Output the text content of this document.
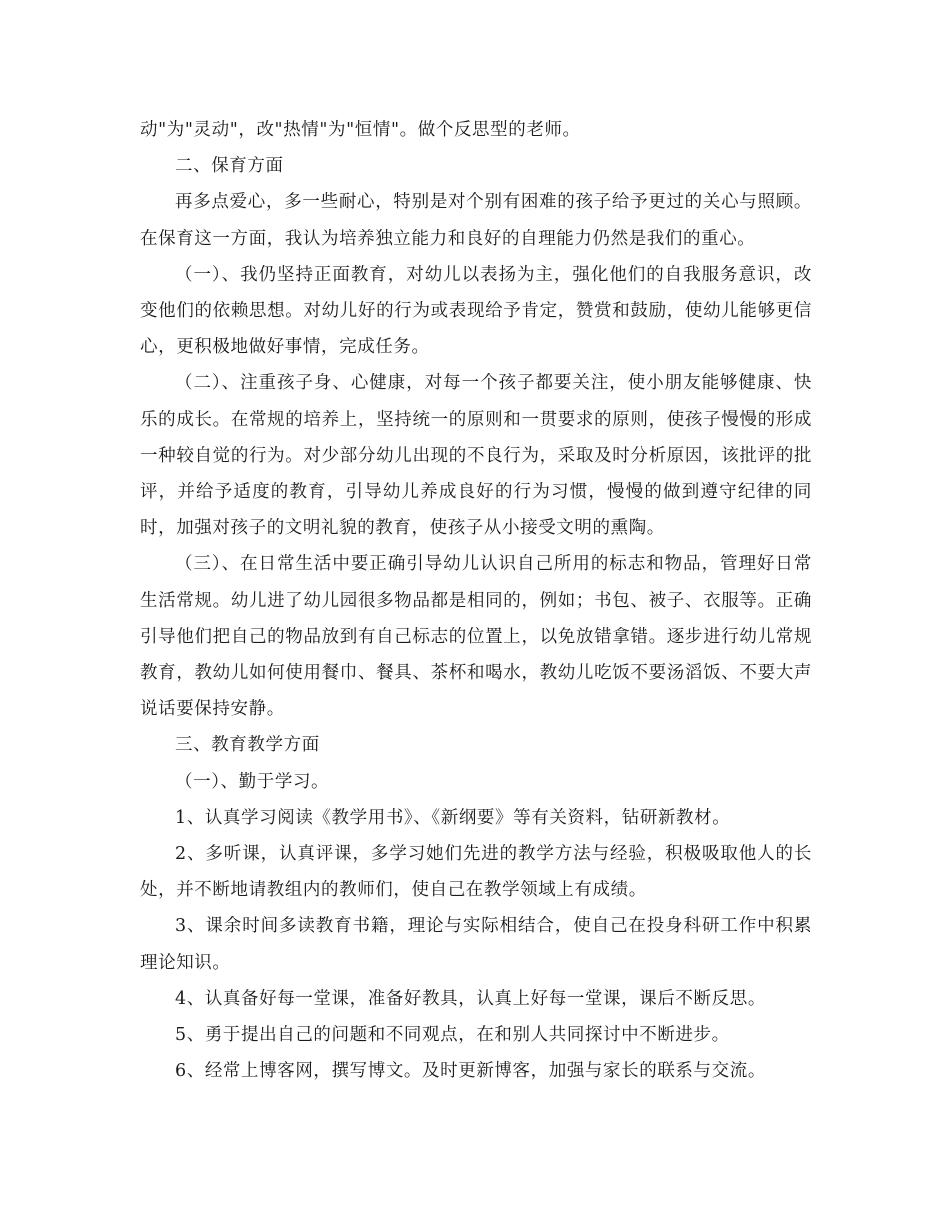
动"为"灵动"，改"热情"为"恒情"。做个反思型的老师。

二、保育方面

再多点爱心，多一些耐心，特别是对个别有困难的孩子给予更过的关心与照顾。在保育这一方面，我认为培养独立能力和良好的自理能力仍然是我们的重心。

（一）、我仍坚持正面教育，对幼儿以表扬为主，强化他们的自我服务意识，改变他们的依赖思想。对幼儿好的行为或表现给予肯定，赞赏和鼓励，使幼儿能够更信心，更积极地做好事情，完成任务。

（二）、注重孩子身、心健康，对每一个孩子都要关注，使小朋友能够健康、快乐的成长。在常规的培养上，坚持统一的原则和一贯要求的原则，使孩子慢慢的形成一种较自觉的行为。对少部分幼儿出现的不良行为，采取及时分析原因，该批评的批评，并给予适度的教育，引导幼儿养成良好的行为习惯，慢慢的做到遵守纪律的同时，加强对孩子的文明礼貌的教育，使孩子从小接受文明的熏陶。

（三）、在日常生活中要正确引导幼儿认识自己所用的标志和物品，管理好日常生活常规。幼儿进了幼儿园很多物品都是相同的，例如；书包、被子、衣服等。正确引导他们把自己的物品放到有自己标志的位置上，以免放错拿错。逐步进行幼儿常规教育，教幼儿如何使用餐巾、餐具、茶杯和喝水，教幼儿吃饭不要汤滔饭、不要大声说话要保持安静。

三、教育教学方面

（一）、勤于学习。

1、认真学习阅读《教学用书》、《新纲要》等有关资料，钻研新教材。

2、多听课，认真评课，多学习她们先进的教学方法与经验，积极吸取他人的长处，并不断地请教组内的教师们，使自己在教学领域上有成绩。

3、课余时间多读教育书籍，理论与实际相结合，使自己在投身科研工作中积累理论知识。

4、认真备好每一堂课，准备好教具，认真上好每一堂课，课后不断反思。

5、勇于提出自己的问题和不同观点，在和别人共同探讨中不断进步。

6、经常上博客网，撰写博文。及时更新博客，加强与家长的联系与交流。
